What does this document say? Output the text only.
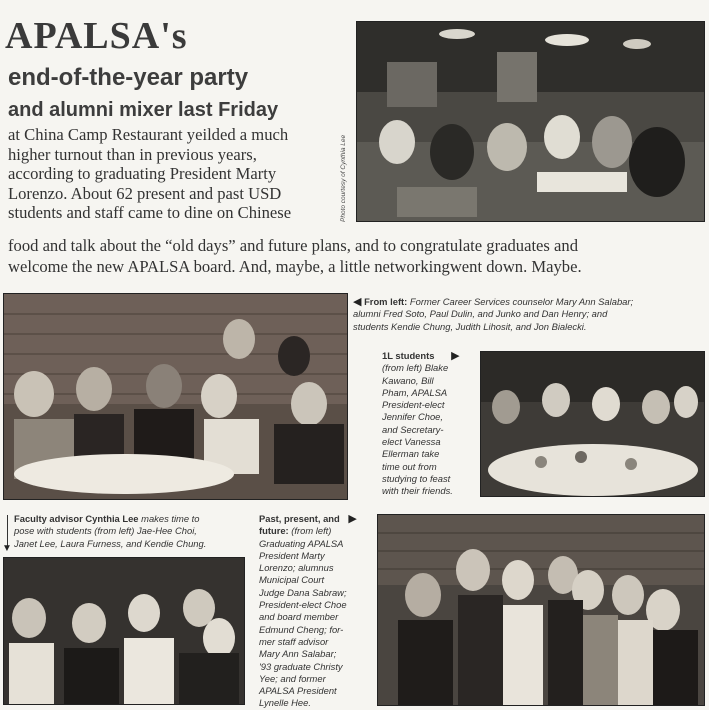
APALSA's
end-of-the-year party
and alumni mixer last Friday
at China Camp Restaurant yeilded a much
higher turnout than in previous years,
according to graduating President Marty
Lorenzo. About 62 present and past USD
students and staff came to dine on Chinese
food and talk about the “old days” and future plans, and to congratulate graduates and
welcome the new APALSA board. And, maybe, a little networkingwent down. Maybe.
Photo courtesy of Cynthia Lee
◀ From left: Former Career Services counselor Mary Ann Salabar;
alumni Fred Soto, Paul Dulin, and Junko and Dan Henry; and
students Kendie Chung, Judith Lihosit, and Jon Bialecki.
1L students ▶
(from left) Blake
Kawano, Bill
Pham, APALSA
President-elect
Jennifer Choe,
and Secretary-
elect Vanessa
Ellerman take
time out from
studying to feast
with their friends.
▼
Faculty advisor Cynthia Lee makes time to
pose with students (from left) Jae-Hee Choi,
Janet Lee, Laura Furness, and Kendie Chung.
Past, present, and ▶
future: (from left)
Graduating APALSA
President Marty
Lorenzo; alumnus
Municipal Court
Judge Dana Sabraw;
President-elect Choe
and board member
Edmund Cheng; for-
mer staff advisor
Mary Ann Salabar;
'93 graduate Christy
Yee; and former
APALSA President
Lynelle Hee.
